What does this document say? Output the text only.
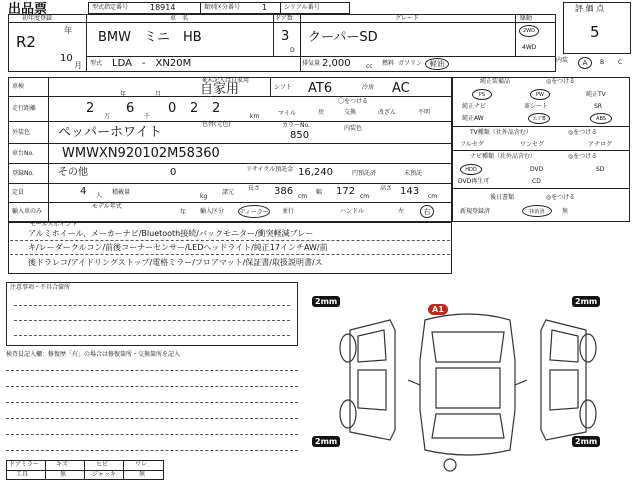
出品票	型式指定番号	18914	類別区分番号	1	シリアル番号
初年度登録
R2
年
10
月
車　名
BMW　ミニ　HB
ドア数
3
D
グレード
クーパーSD
駆動
2WD
4WD
評 価 点
5
型式 LDA　-　XN20M	排気量 2,000	cc 燃料 ガソリン	軽油	内装	A	B C
車検
年	月
※未記入は自家用
自家用	シフト AT6	冷房 AC
走行距離	2
万
6
千
0 2 2
km	マイル
〇をつける
戻	交換	改ざん	不明
外装色 ペッパーホワイト
色替(元色)	カラーNo.
850
内装色
車台No. WMWXN920102M58360
登録No. その他	0	リサイクル預託金 16,240	円預託済	未預託
定員	4 人 積載量
kg
諸元
長さ 386 cm
幅 172 cm
高さ 143 cm
輸入車のみ
モデル年式
年 輸入区分	ディーラー 並行	ハンドル	左	右
セールスポイント
アルミホイール、メーカーナビ/Bluetooth接続/バックモニター/衝突軽減ブレー
キ/レーダークルコン/前後コーナーセンサー/LEDヘッドライト/純正17インチAW/前
後ドラレコ/アイドリングストップ/電格ミラー/フロアマット/保証書/取扱説明書/ス
純正装備品	◎をつける
PS	PW	純正TV
純正ナビ	革シート	SR
純正AW	エアB	ABS
TV種類（社外品含む）	◎をつける
フルセグ	ワンセグ	アナログ
ナビ種類（社外品含む）	◎をつける
HDD	DVD	SD
DVD再生可	CD
後日書類	◎をつける
新規登録済	抹消済	無
注意事項・不具合箇所
検査員記入欄：修復歴「有」の場合は修復箇所・交換箇所を記入
ドアミラー	キズ	ヒビ	ワレ
工具	無	ジャッキ	無
2mm	2mm
2mm	2mm
A1
